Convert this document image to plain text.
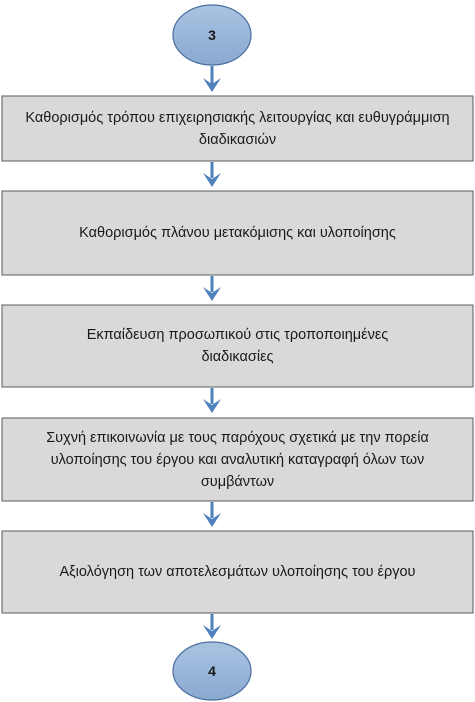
3
4
Καθορισμός τρόπου επιχειρησιακής λειτουργίας και ευθυγράμμιση διαδικασιών
Καθορισμός πλάνου μετακόμισης και υλοποίησης
Εκπαίδευση προσωπικού στις τροποποιημένες διαδικασίες
Συχνή επικοινωνία με τους παρόχους σχετικά με την πορεία υλοποίησης του έργου και αναλυτική καταγραφή όλων των συμβάντων
Αξιολόγηση των αποτελεσμάτων υλοποίησης του έργου
